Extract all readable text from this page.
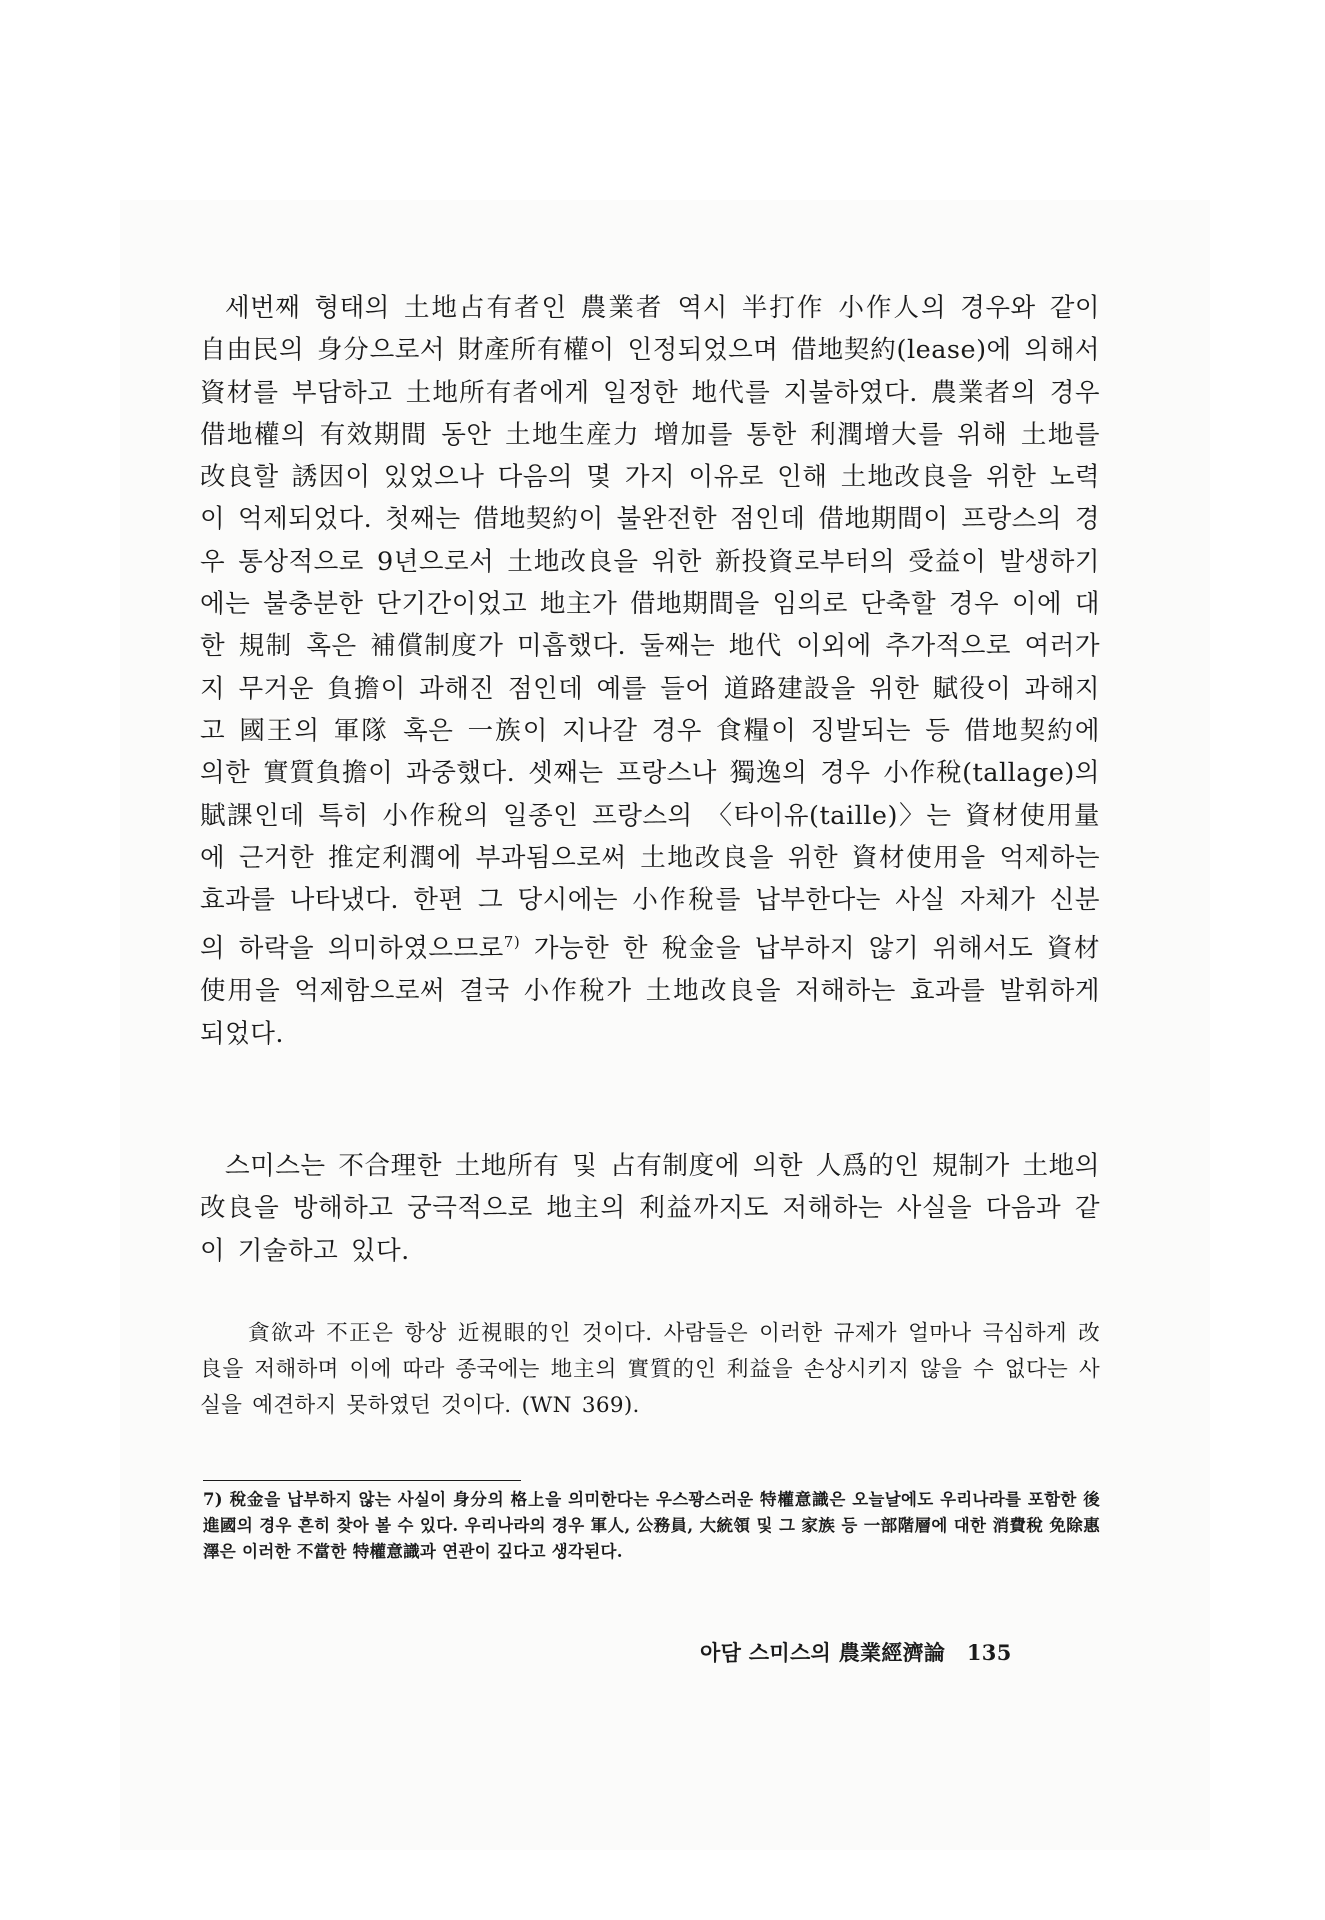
세번째 형태의 土地占有者인 農業者 역시 半打作 小作人의 경우와 같이 自由民의 身分으로서 財產所有權이 인정되었으며 借地契約(lease)에 의해서 資材를 부담하고 土地所有者에게 일정한 地代를 지불하였다. 農業者의 경우 借地權의 有效期間 동안 土地生産力 增加를 통한 利潤增大를 위해 土地를 改良할 誘因이 있었으나 다음의 몇 가지 이유로 인해 土地改良을 위한 노력이 억제되었다. 첫째는 借地契約이 불완전한 점인데 借地期間이 프랑스의 경우 통상적으로 9년으로서 土地改良을 위한 新投資로부터의 受益이 발생하기에는 불충분한 단기간이었고 地主가 借地期間을 임의로 단축할 경우 이에 대한 規制 혹은 補償制度가 미흡했다. 둘째는 地代 이외에 추가적으로 여러가지 무거운 負擔이 과해진 점인데 예를 들어 道路建設을 위한 賦役이 과해지고 國王의 軍隊 혹은 一族이 지나갈 경우 食糧이 징발되는 등 借地契約에 의한 實質負擔이 과중했다. 셋째는 프랑스나 獨逸의 경우 小作稅(tallage)의 賦課인데 특히 小作稅의 일종인 프랑스의 〈타이유(taille)〉는 資材使用量에 근거한 推定利潤에 부과됨으로써 土地改良을 위한 資材使用을 억제하는 효과를 나타냈다. 한편 그 당시에는 小作稅를 납부한다는 사실 자체가 신분의 하락을 의미하였으므로$^{7)}$ 가능한 한 稅金을 납부하지 않기 위해서도 資材使用을 억제함으로써 결국 小作稅가 土地改良을 저해하는 효과를 발휘하게 되었다.

스미스는 不合理한 土地所有 및 占有制度에 의한 人爲的인 規制가 土地의 改良을 방해하고 궁극적으로 地主의 利益까지도 저해하는 사실을 다음과 같이 기술하고 있다.

貪欲과 不正은 항상 近視眼的인 것이다. 사람들은 이러한 규제가 얼마나 극심하게 改良을 저해하며 이에 따라 종국에는 地主의 實質的인 利益을 손상시키지 않을 수 없다는 사실을 예견하지 못하였던 것이다. (WN 369).

7) 稅金을 납부하지 않는 사실이 身分의 格上을 의미한다는 우스꽝스러운 特權意識은 오늘날에도 우리나라를 포함한 後進國의 경우 흔히 찾아 볼 수 있다. 우리나라의 경우 軍人, 公務員, 大統領 및 그 家族 등 一部階層에 대한 消費稅 免除惠澤은 이러한 不當한 特權意識과 연관이 깊다고 생각된다.

아담 스미스의 農業經濟論 135
